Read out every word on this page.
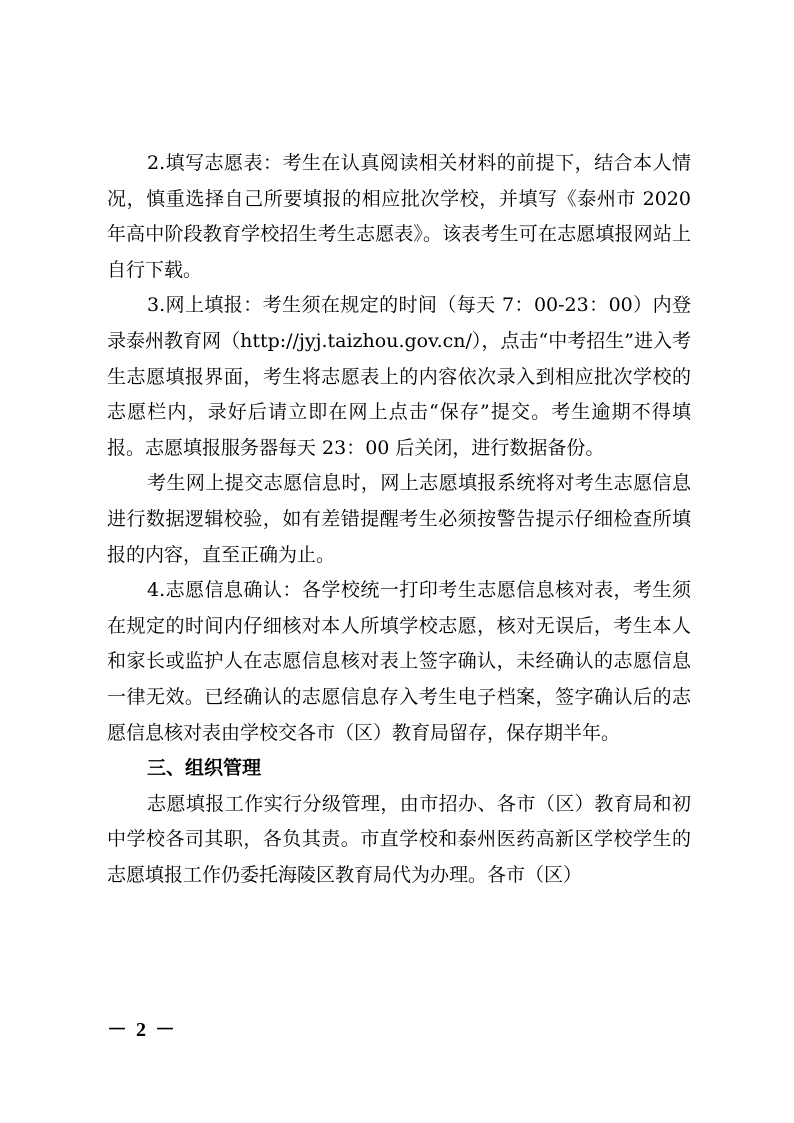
2.填写志愿表：考生在认真阅读相关材料的前提下，结合本人情况，慎重选择自己所要填报的相应批次学校，并填写《泰州市 2020 年高中阶段教育学校招生考生志愿表》。该表考生可在志愿填报网站上自行下载。

3.网上填报：考生须在规定的时间（每天 7：00-23：00）内登录泰州教育网（http://jyj.taizhou.gov.cn/），点击“中考招生”进入考生志愿填报界面，考生将志愿表上的内容依次录入到相应批次学校的志愿栏内，录好后请立即在网上点击“保存”提交。考生逾期不得填报。志愿填报服务器每天 23：00 后关闭，进行数据备份。

考生网上提交志愿信息时，网上志愿填报系统将对考生志愿信息进行数据逻辑校验，如有差错提醒考生必须按警告提示仔细检查所填报的内容，直至正确为止。

4.志愿信息确认：各学校统一打印考生志愿信息核对表，考生须在规定的时间内仔细核对本人所填学校志愿，核对无误后，考生本人和家长或监护人在志愿信息核对表上签字确认，未经确认的志愿信息一律无效。已经确认的志愿信息存入考生电子档案，签字确认后的志愿信息核对表由学校交各市（区）教育局留存，保存期半年。

三、组织管理

志愿填报工作实行分级管理，由市招办、各市（区）教育局和初中学校各司其职，各负其责。市直学校和泰州医药高新区学校学生的志愿填报工作仍委托海陵区教育局代为办理。各市（区）

－ 2 －
